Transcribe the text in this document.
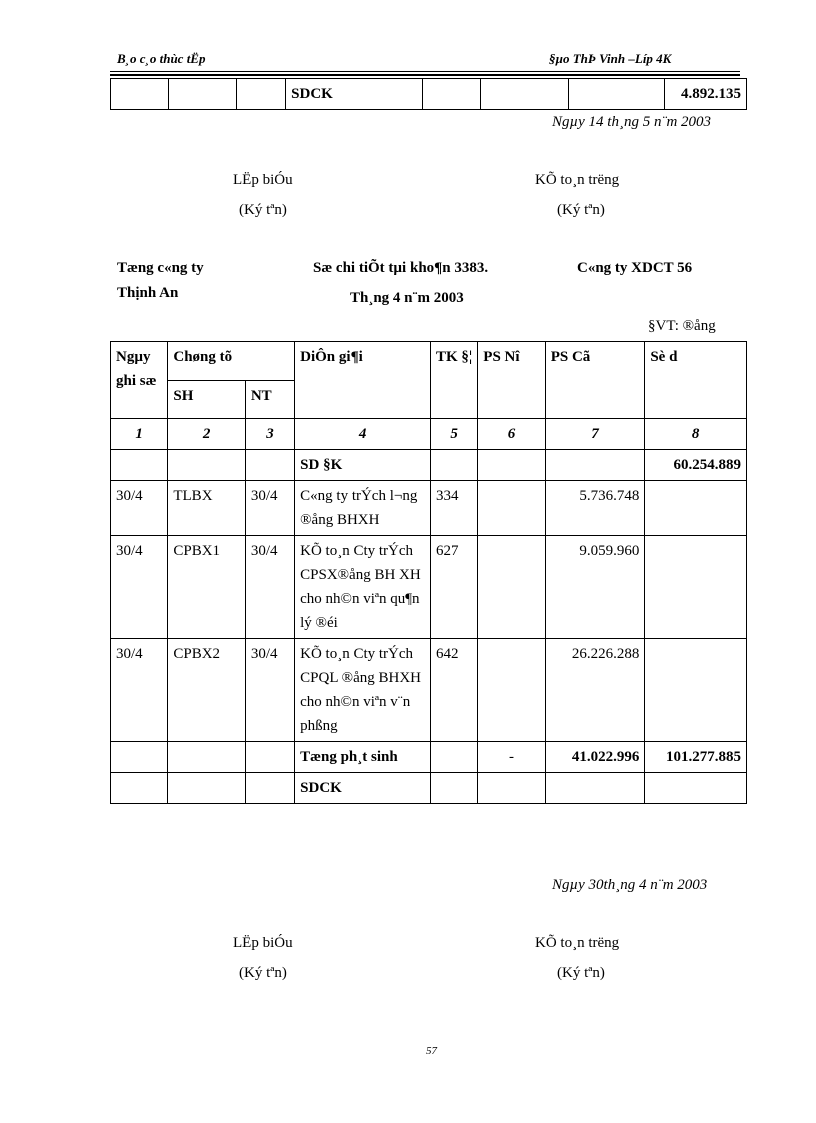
B¸o c¸o thùc tËp	§µo ThÞ Vinh –Líp 4K
			SDCK				4.892.135
Ngµy 14 th¸ng 5 n¨m 2003
LËp biÓu
(Ký tªn)
KÕ to¸n trëng
(Ký tªn)
Tæng c«ng ty
Thịnh An
Sæ chi tiÕt tµi kho¶n 3383.
Th¸ng 4 n¨m 2003
C«ng ty XDCT 56
§VT: ®ång
Ngµy ghi sæ	Chøng tõ		DiÔn gi¶i	TK §¦	PS Nî	PS Cã	Sè d
	SH	NT					
1	2	3	4	5	6	7	8
			SD §K				60.254.889
30/4	TLBX	30/4	C«ng ty trÝch l¬ng ®ång BHXH	334		5.736.748	
30/4	CPBX1	30/4	KÕ to¸n Cty trÝch CPSX®ång BH XH cho nh©n viªn qu¶n lý ®éi	627		9.059.960	
30/4	CPBX2	30/4	KÕ to¸n Cty trÝch CPQL ®ång BHXH cho nh©n viªn v¨n phßng	642		26.226.288	
			Tæng ph¸t sinh		-	41.022.996	101.277.885
			SDCK				
Ngµy 30th¸ng 4 n¨m 2003
LËp biÓu
(Ký tªn)
KÕ to¸n trëng
(Ký tªn)
57
